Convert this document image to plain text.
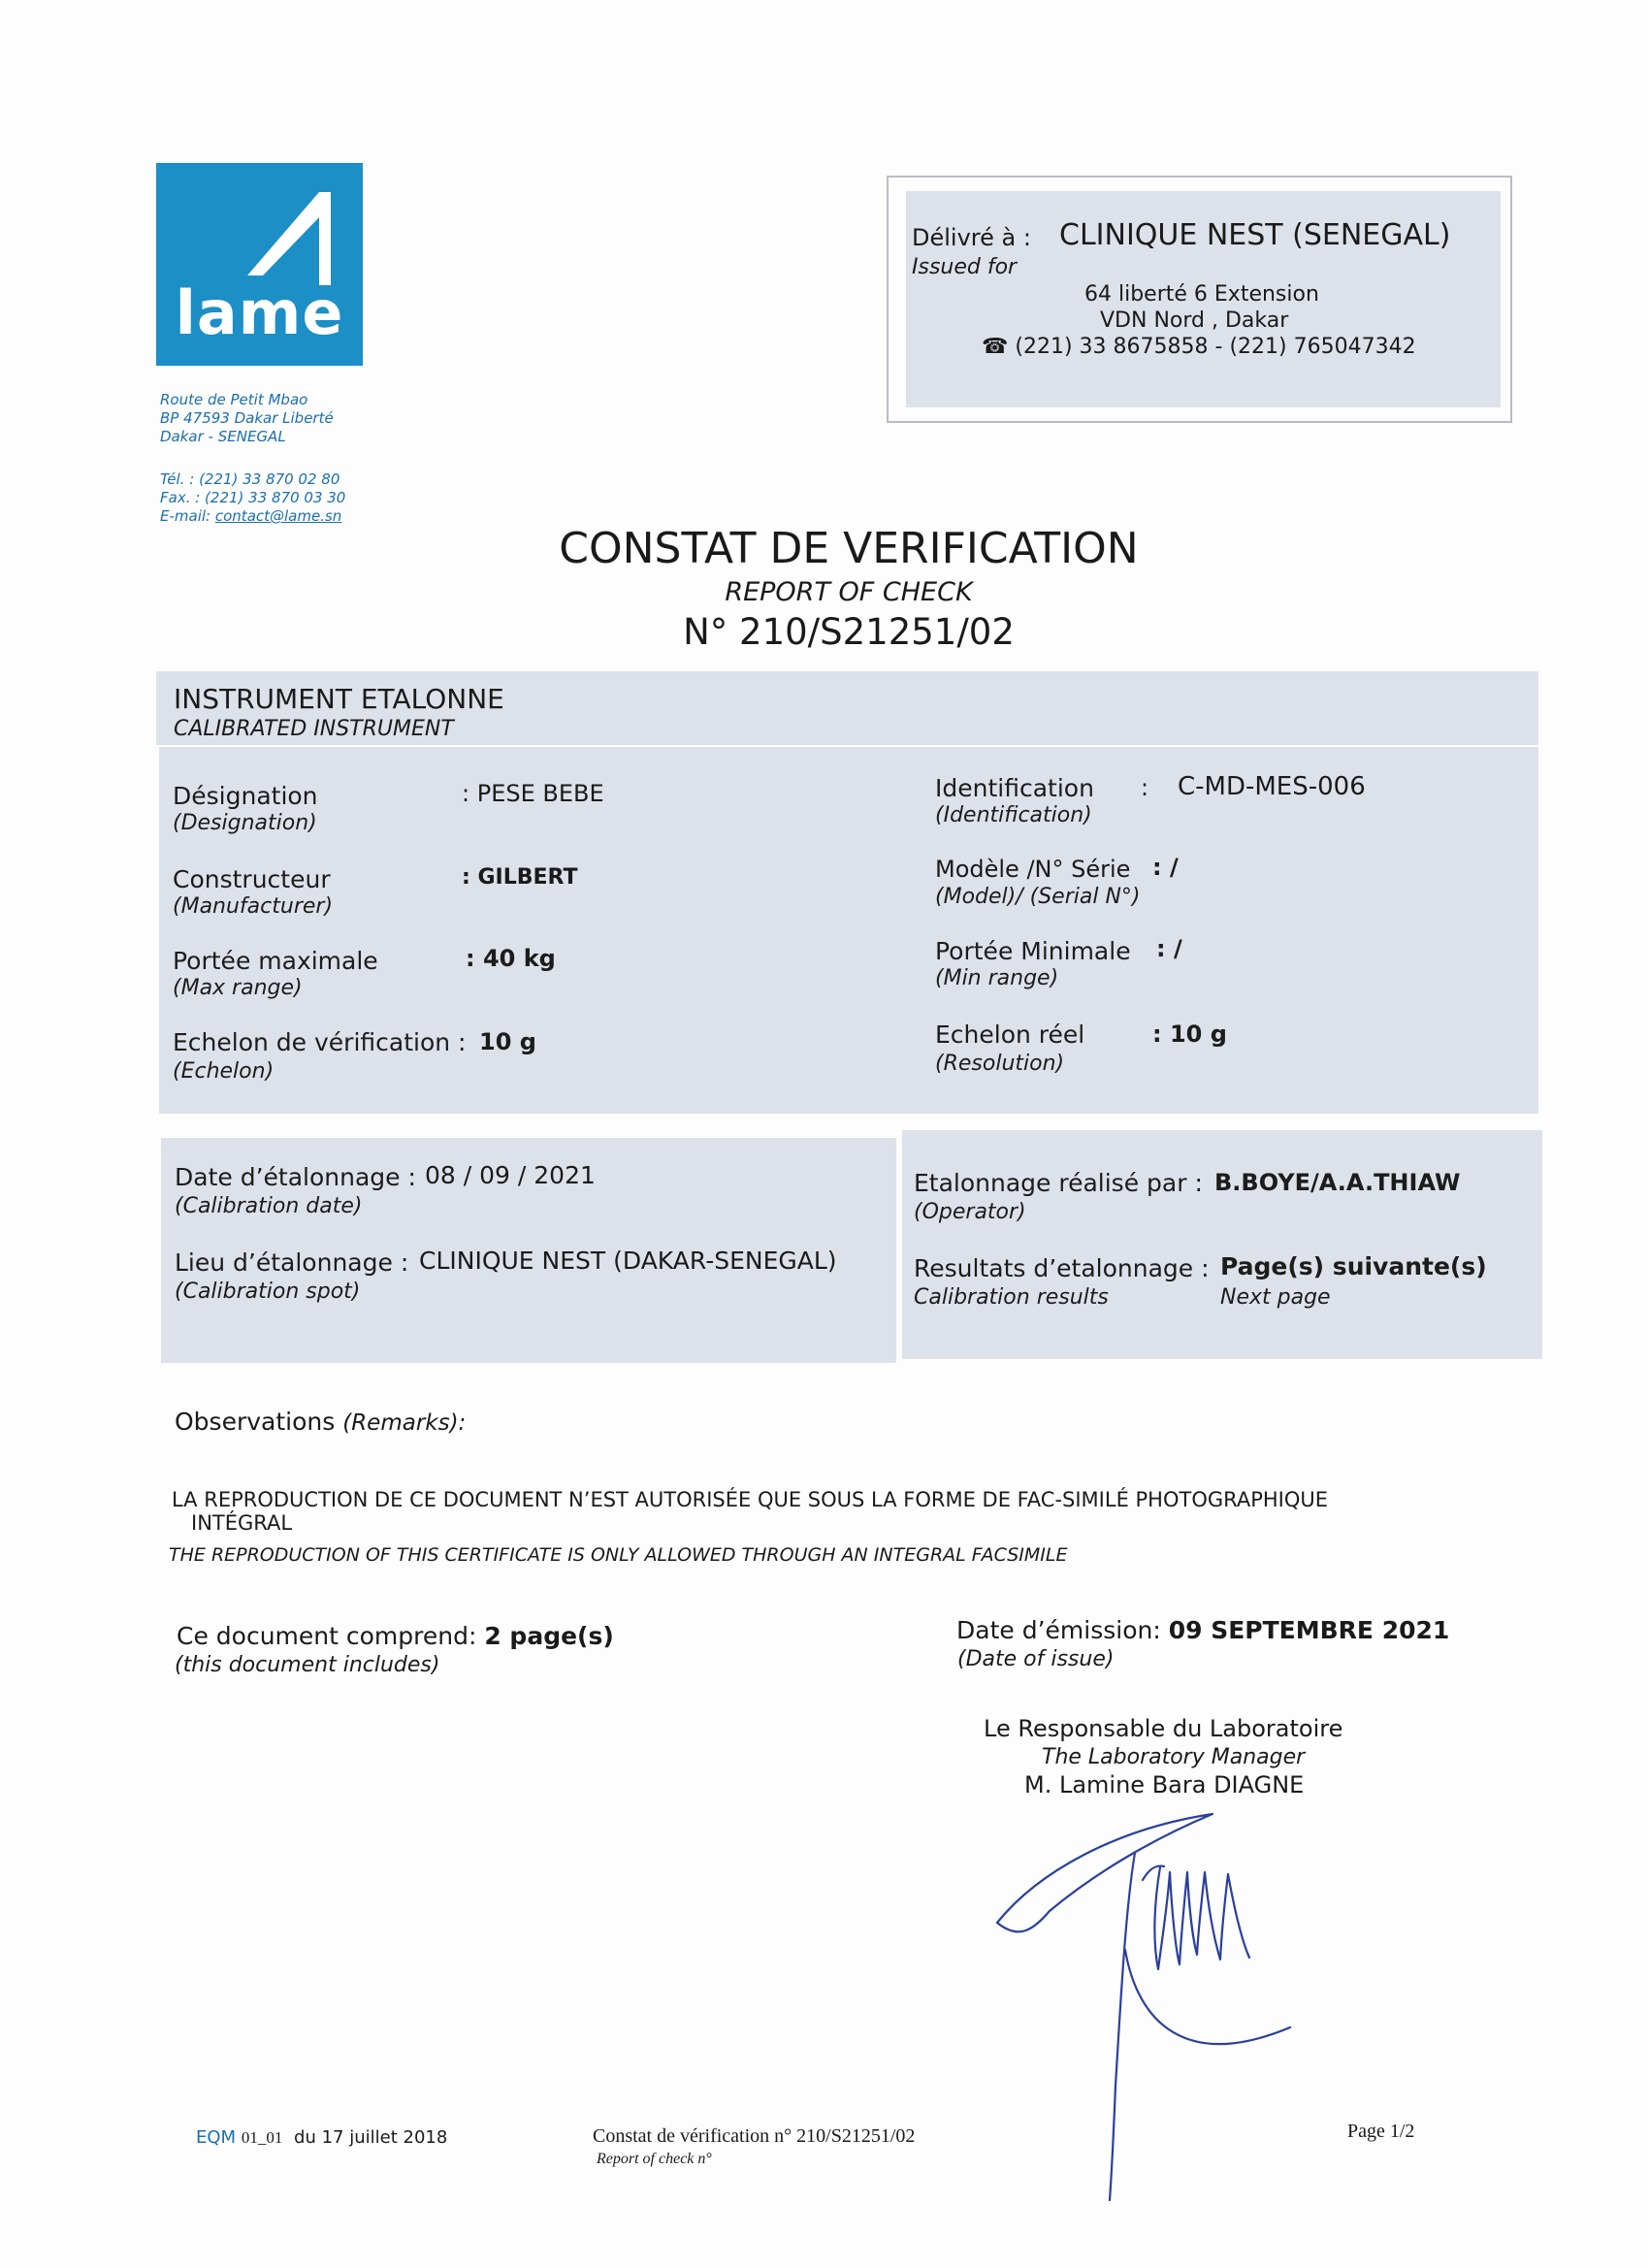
lame
Route de Petit Mbao
BP 47593 Dakar Liberté
Dakar - SENEGAL
Tél. : (221) 33 870 02 80
Fax. : (221) 33 870 03 30
E-mail: contact@lame.sn
Délivré à :
Issued for
CLINIQUE NEST (SENEGAL)
64 liberté 6 Extension
VDN Nord , Dakar
☎ (221) 33 8675858 - (221) 765047342
CONSTAT DE VERIFICATION
REPORT OF CHECK
N° 210/S21251/02
INSTRUMENT ETALONNE
CALIBRATED INSTRUMENT
Désignation
(Designation)
: PESE BEBE
Constructeur
(Manufacturer)
: GILBERT
Portée maximale
(Max range)
: 40 kg
Echelon de vérification :
(Echelon)
10 g
Identification
(Identification)
: C-MD-MES-006
Modèle /N° Série
(Model)/ (Serial N°)
: /
Portée Minimale
(Min range)
: /
Echelon réel
(Resolution)
: 10 g
Date d’étalonnage :
(Calibration date)
08 / 09 / 2021
Lieu d’étalonnage :
(Calibration spot)
CLINIQUE NEST (DAKAR-SENEGAL)
Etalonnage réalisé par :
(Operator)
B.BOYE/A.A.THIAW
Resultats d’etalonnage :
Calibration results
Page(s) suivante(s)
Next page
Observations (Remarks):
LA REPRODUCTION DE CE DOCUMENT N’EST AUTORISÉE QUE SOUS LA FORME DE FAC-SIMILÉ PHOTOGRAPHIQUE
INTÉGRAL
THE REPRODUCTION OF THIS CERTIFICATE IS ONLY ALLOWED THROUGH AN INTEGRAL FACSIMILE
Ce document comprend: 2 page(s)
(this document includes)
Date d’émission: 09 SEPTEMBRE 2021
(Date of issue)
Le Responsable du Laboratoire
The Laboratory Manager
M. Lamine Bara DIAGNE
EQM 01_01 du 17 juillet 2018	Constat de vérification n° 210/S21251/02
Report of check n°
Page 1/2
